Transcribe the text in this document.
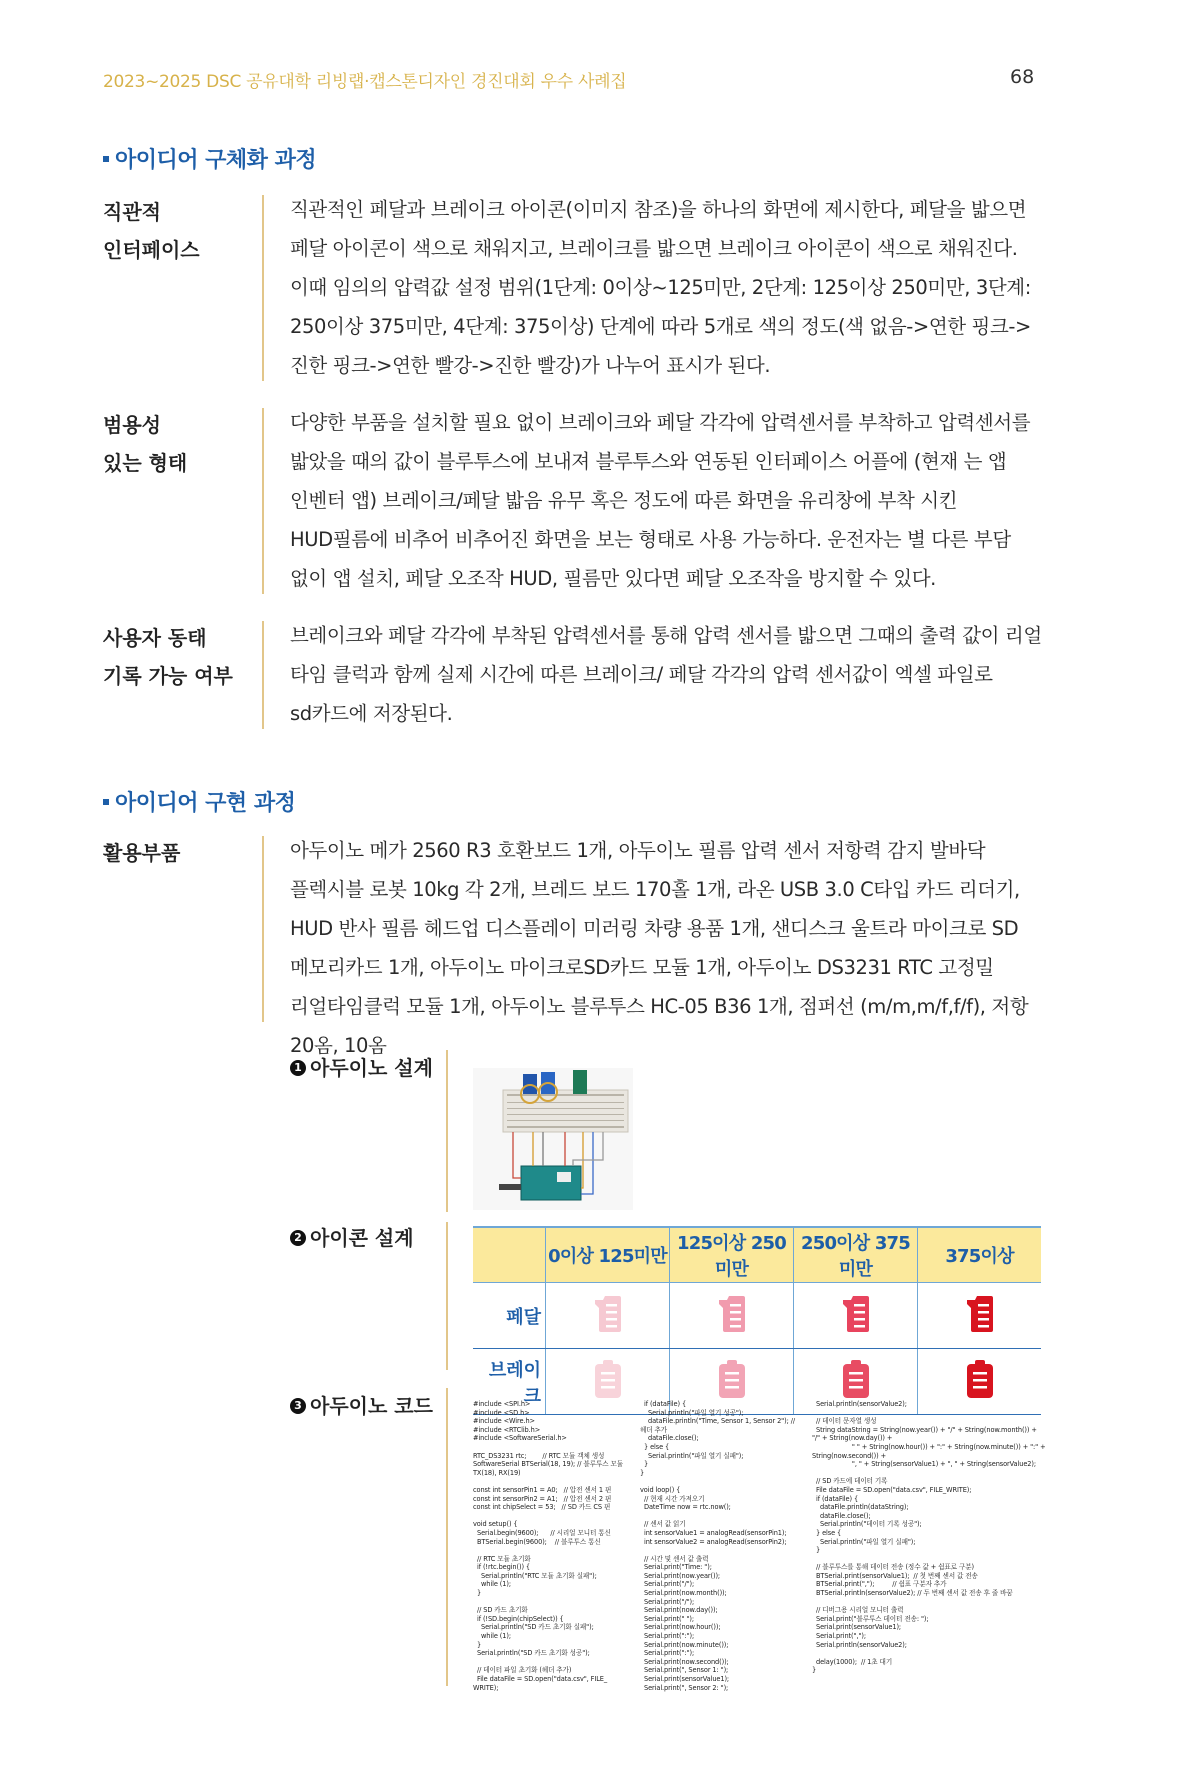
2023~2025 DSC 공유대학 리빙랩·캡스톤디자인 경진대회 우수 사례집	68
아이디어 구체화 과정
직관적
인터페이스

직관적인 페달과 브레이크 아이콘(이미지 참조)을 하나의 화면에 제시한다, 페달을 밟으면 페달 아이콘이 색으로 채워지고, 브레이크를 밟으면 브레이크 아이콘이 색으로 채워진다.

이때 임의의 압력값 설정 범위(1단계: 0이상~125미만, 2단계: 125이상 250미만, 3단계: 250이상 375미만, 4단계: 375이상) 단계에 따라 5개로 색의 정도(색 없음->연한 핑크->진한 핑크->연한 빨강->진한 빨강)가 나누어 표시가 된다.

범용성
있는 형태

다양한 부품을 설치할 필요 없이 브레이크와 페달 각각에 압력센서를 부착하고 압력센서를 밟았을 때의 값이 블루투스에 보내져 블루투스와 연동된 인터페이스 어플에 (현재 는 앱 인벤터 앱) 브레이크/페달 밟음 유무 혹은 정도에 따른 화면을 유리창에 부착 시킨 HUD필름에 비추어 비추어진 화면을 보는 형태로 사용 가능하다. 운전자는 별 다른 부담 없이 앱 설치, 페달 오조작 HUD, 필름만 있다면 페달 오조작을 방지할 수 있다.

사용자 동태
기록 가능 여부

브레이크와 페달 각각에 부착된 압력센서를 통해 압력 센서를 밟으면 그때의 출력 값이 리얼 타임 클럭과 함께 실제 시간에 따른 브레이크/ 페달 각각의 압력 센서값이 엑셀 파일로 sd카드에 저장된다.

아이디어 구현 과정
활용부품	아두이노 메가 2560 R3 호환보드 1개, 아두이노 필름 압력 센서 저항력 감지 발바닥 플렉시블 로봇 10kg 각 2개, 브레드 보드 170홀 1개, 라온 USB 3.0 C타입 카드 리더기, HUD 반사 필름 헤드업 디스플레이 미러링 차량 용품 1개, 샌디스크 울트라 마이크로 SD 메모리카드 1개, 아두이노 마이크로SD카드 모듈 1개, 아두이노 DS3231 RTC 고정밀 리얼타임클럭 모듈 1개, 아두이노 블루투스 HC-05 B36 1개, 점퍼선 (m/m,m/f,f/f), 저항 20옴, 10옴
1 아두이노 설계
2 아이콘 설계
	0이상 125미만	125이상 250미만	250이상 375미만	375이상
페달				
브레이크				
3 아두이노 코드	#include <SPI.h>
#include <SD.h>
#include <Wire.h>
#include <RTClib.h>
#include <SoftwareSerial.h>

RTC_DS3231 rtc;        // RTC 모듈 객체 생성
SoftwareSerial BTSerial(18, 19); // 블루투스 모듈
TX(18), RX(19)

const int sensorPin1 = A0;   // 압전 센서 1 핀
const int sensorPin2 = A1;   // 압전 센서 2 핀
const int chipSelect = 53;   // SD 카드 CS 핀

void setup() {
Serial.begin(9600);      // 시리얼 모니터 통신
BTSerial.begin(9600);    // 블루투스 통신

// RTC 모듈 초기화
if (!rtc.begin()) {
Serial.println("RTC 모듈 초기화 실패");
while (1);
}

// SD 카드 초기화
if (!SD.begin(chipSelect)) {
Serial.println("SD 카드 초기화 실패");
while (1);
}
Serial.println("SD 카드 초기화 성공");

// 데이터 파일 초기화 (헤더 추가)
File dataFile = SD.open("data.csv", FILE_
WRITE);
if (dataFile) {
Serial.println("파일 열기 성공");
dataFile.println("Time, Sensor 1, Sensor 2"); //
헤더 추가
dataFile.close();
} else {
Serial.println("파일 열기 실패");
}
}

void loop() {
// 현재 시간 가져오기
DateTime now = rtc.now();

// 센서 값 읽기
int sensorValue1 = analogRead(sensorPin1);
int sensorValue2 = analogRead(sensorPin2);

// 시간 및 센서 값 출력
Serial.print("Time: ");
Serial.print(now.year());
Serial.print("/");
Serial.print(now.month());
Serial.print("/");
Serial.print(now.day());
Serial.print(" ");
Serial.print(now.hour());
Serial.print(":");
Serial.print(now.minute());
Serial.print(":");
Serial.print(now.second());
Serial.print(", Sensor 1: ");
Serial.print(sensorValue1);
Serial.print(", Sensor 2: ");
Serial.println(sensorValue2);

// 데이터 문자열 생성
String dataString = String(now.year()) + "/" + String(now.month()) +
"/" + String(now.day()) +
" " + String(now.hour()) + ":" + String(now.minute()) + ":" +
String(now.second()) +
", " + String(sensorValue1) + ", " + String(sensorValue2);

// SD 카드에 데이터 기록
File dataFile = SD.open("data.csv", FILE_WRITE);
if (dataFile) {
dataFile.println(dataString);
dataFile.close();
Serial.println("데이터 기록 성공");
} else {
Serial.println("파일 열기 실패");
}

// 블루투스를 통해 데이터 전송 (정수 값 + 쉼표로 구분)
BTSerial.print(sensorValue1);  // 첫 번째 센서 값 전송
BTSerial.print(",");         // 쉼표 구분자 추가
BTSerial.println(sensorValue2); // 두 번째 센서 값 전송 후 줄 바꿈

// 디버그용 시리얼 모니터 출력
Serial.print("블루투스 데이터 전송: ");
Serial.print(sensorValue1);
Serial.print(",");
Serial.println(sensorValue2);

delay(1000);  // 1초 대기
}
